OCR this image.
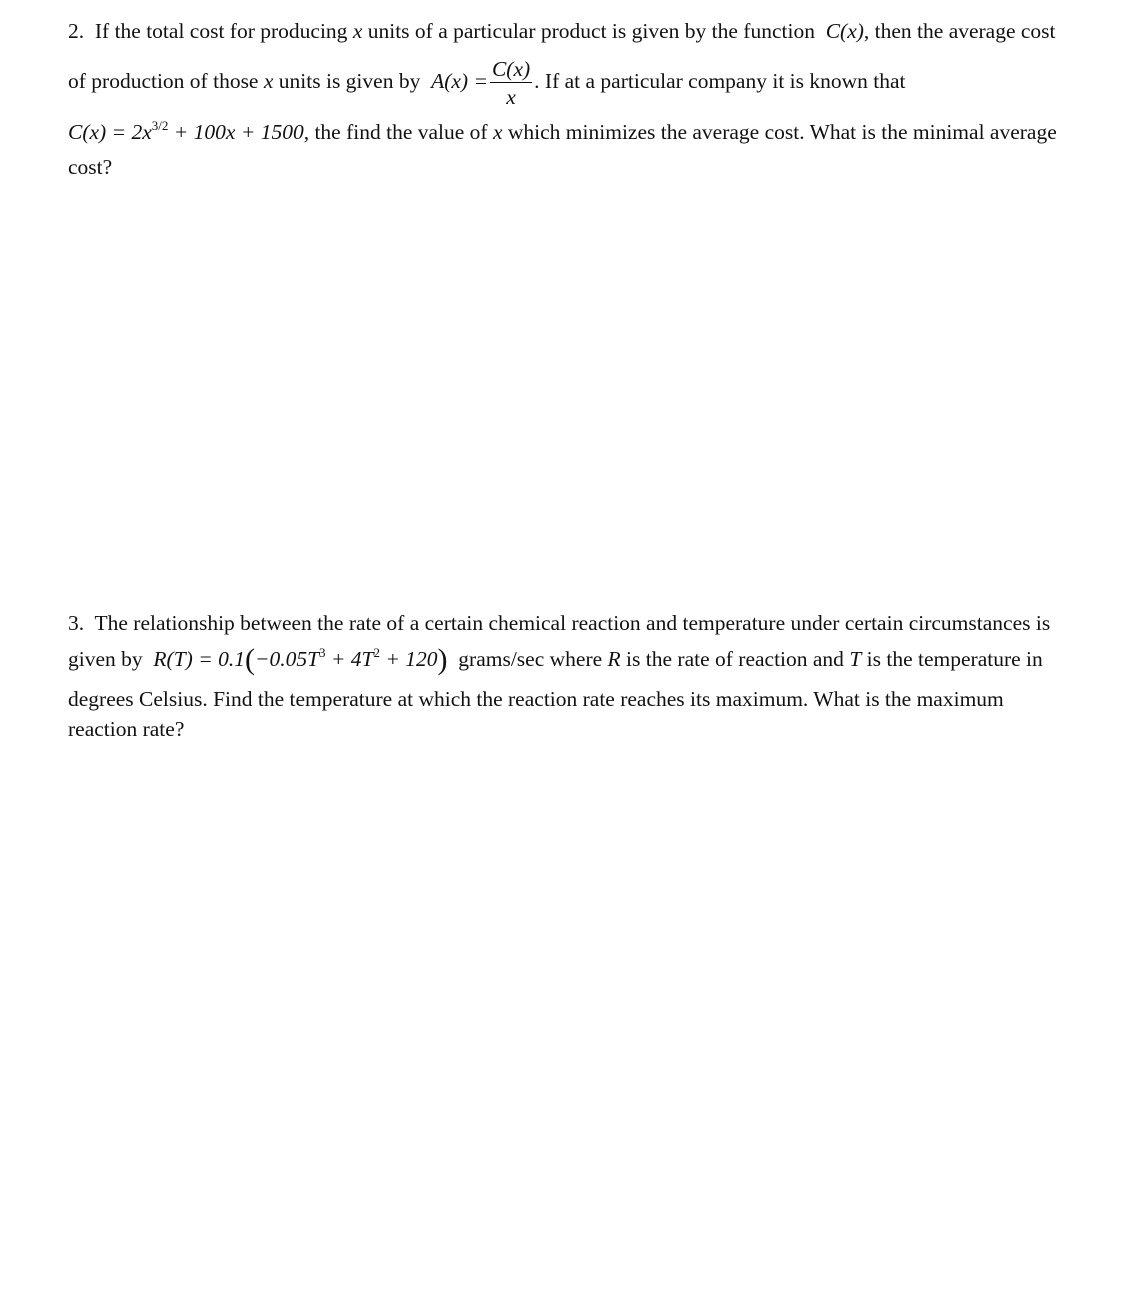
2. If the total cost for producing x units of a particular product is given by the function C(x), then the average cost
of production of those x units is given by $A(x) = \frac{C(x)}{x}$ . If at a particular company it is known that
$C(x) = 2x^{3/2} + 100x + 1500$, the find the value of x which minimizes the average cost. What is the minimal average
cost?
3. The relationship between the rate of a certain chemical reaction and temperature under certain circumstances is
given by $R(T) = 0.1(-0.05T^3 + 4T^2 + 120)$ grams/sec where R is the rate of reaction and T is the temperature in
degrees Celsius. Find the temperature at which the reaction rate reaches its maximum. What is the maximum
reaction rate?
